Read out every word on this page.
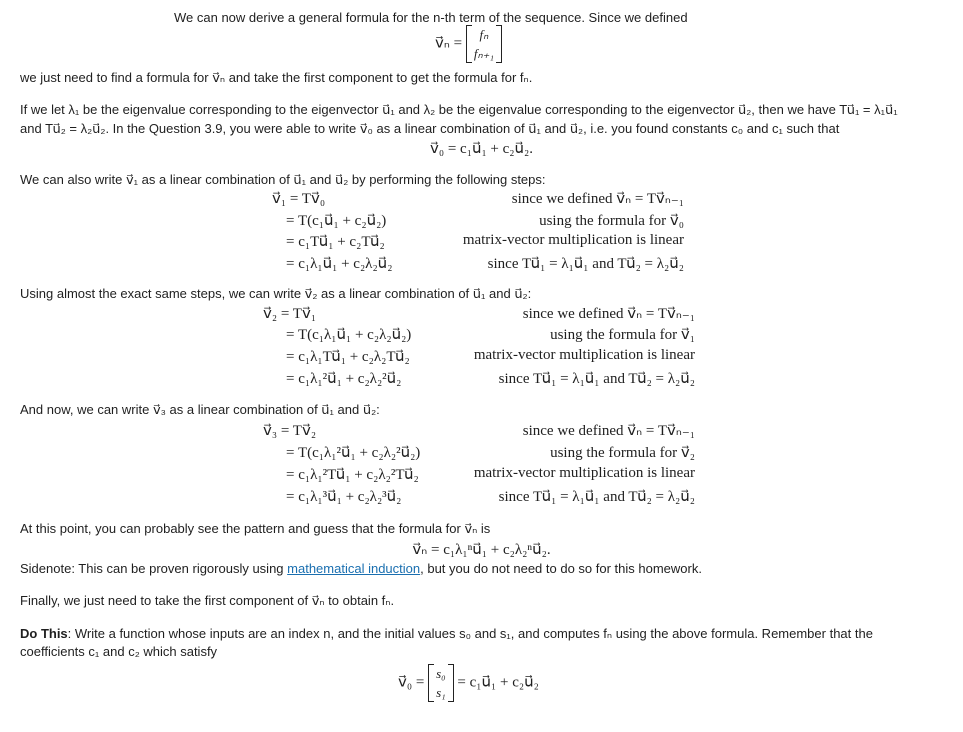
We can now derive a general formula for the n-th term of the sequence. Since we defined
v⃗ₙ =
fₙ
fₙ₊₁
we just need to find a formula for v⃗ₙ and take the first component to get the formula for fₙ.
If we let λ₁ be the eigenvalue corresponding to the eigenvector u⃗₁ and λ₂ be the eigenvalue corresponding to the eigenvector u⃗₂, then we have Tu⃗₁ = λ₁u⃗₁
and Tu⃗₂ = λ₂u⃗₂. In the Question 3.9, you were able to write v⃗₀ as a linear combination of u⃗₁ and u⃗₂, i.e. you found constants c₀ and c₁ such that
v⃗₀ = c₁u⃗₁ + c₂u⃗₂.
We can also write v⃗₁ as a linear combination of u⃗₁ and u⃗₂ by performing the following steps:
v⃗₁ = Tv⃗₀	since we defined v⃗ₙ = Tv⃗ₙ₋₁
= T(c₁u⃗₁ + c₂u⃗₂)	using the formula for v⃗₀
= c₁Tu⃗₁ + c₂Tu⃗₂	matrix-vector multiplication is linear
= c₁λ₁u⃗₁ + c₂λ₂u⃗₂	since Tu⃗₁ = λ₁u⃗₁ and Tu⃗₂ = λ₂u⃗₂
Using almost the exact same steps, we can write v⃗₂ as a linear combination of u⃗₁ and u⃗₂:
v⃗₂ = Tv⃗₁	since we defined v⃗ₙ = Tv⃗ₙ₋₁
= T(c₁λ₁u⃗₁ + c₂λ₂u⃗₂)	using the formula for v⃗₁
= c₁λ₁Tu⃗₁ + c₂λ₂Tu⃗₂	matrix-vector multiplication is linear
= c₁λ₁²u⃗₁ + c₂λ₂²u⃗₂	since Tu⃗₁ = λ₁u⃗₁ and Tu⃗₂ = λ₂u⃗₂
And now, we can write v⃗₃ as a linear combination of u⃗₁ and u⃗₂:
v⃗₃ = Tv⃗₂	since we defined v⃗ₙ = Tv⃗ₙ₋₁
= T(c₁λ₁²u⃗₁ + c₂λ₂²u⃗₂)	using the formula for v⃗₂
= c₁λ₁²Tu⃗₁ + c₂λ₂²Tu⃗₂	matrix-vector multiplication is linear
= c₁λ₁³u⃗₁ + c₂λ₂³u⃗₂	since Tu⃗₁ = λ₁u⃗₁ and Tu⃗₂ = λ₂u⃗₂
At this point, you can probably see the pattern and guess that the formula for v⃗ₙ is
v⃗ₙ = c₁λ₁ⁿu⃗₁ + c₂λ₂ⁿu⃗₂.
Sidenote: This can be proven rigorously using mathematical induction, but you do not need to do so for this homework.
Finally, we just need to take the first component of v⃗ₙ to obtain fₙ.
Do This: Write a function whose inputs are an index n, and the initial values s₀ and s₁, and computes fₙ using the above formula. Remember that the
coefficients c₁ and c₂ which satisfy
v⃗₀ =
s₀
s₁
= c₁u⃗₁ + c₂u⃗₂
